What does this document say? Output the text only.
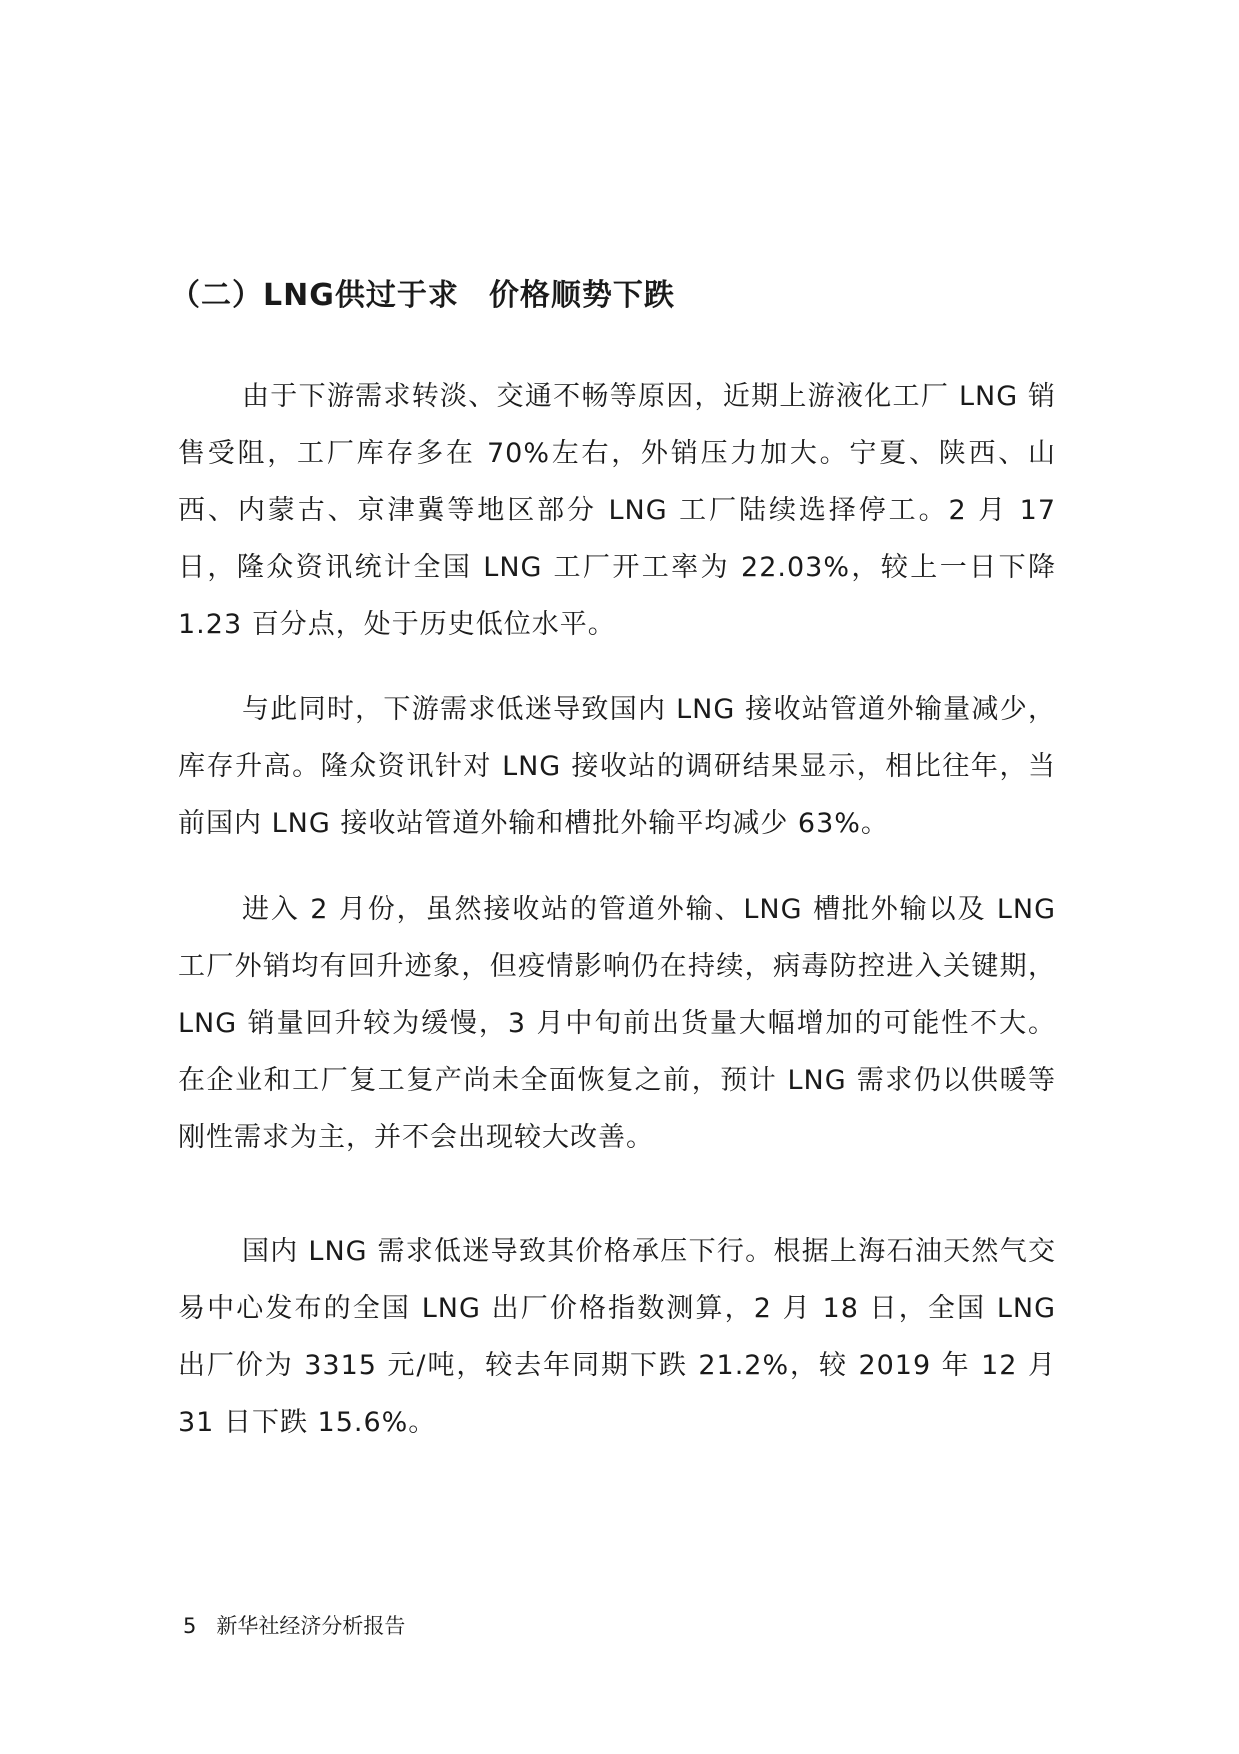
（二）LNG供过于求 价格顺势下跌

由于下游需求转淡、交通不畅等原因，近期上游液化工厂 LNG 销售受阻，工厂库存多在 70%左右，外销压力加大。宁夏、陕西、山西、内蒙古、京津冀等地区部分 LNG 工厂陆续选择停工。2 月 17 日，隆众资讯统计全国 LNG 工厂开工率为 22.03%，较上一日下降 1.23 百分点，处于历史低位水平。

与此同时，下游需求低迷导致国内 LNG 接收站管道外输量减少，库存升高。隆众资讯针对 LNG 接收站的调研结果显示，相比往年，当前国内 LNG 接收站管道外输和槽批外输平均减少 63%。

进入 2 月份，虽然接收站的管道外输、LNG 槽批外输以及 LNG 工厂外销均有回升迹象，但疫情影响仍在持续，病毒防控进入关键期，LNG 销量回升较为缓慢，3 月中旬前出货量大幅增加的可能性不大。在企业和工厂复工复产尚未全面恢复之前，预计 LNG 需求仍以供暖等刚性需求为主，并不会出现较大改善。

国内 LNG 需求低迷导致其价格承压下行。根据上海石油天然气交易中心发布的全国 LNG 出厂价格指数测算，2 月 18 日，全国 LNG 出厂价为 3315 元/吨，较去年同期下跌 21.2%，较 2019 年 12 月 31 日下跌 15.6%。

5 新华社经济分析报告
